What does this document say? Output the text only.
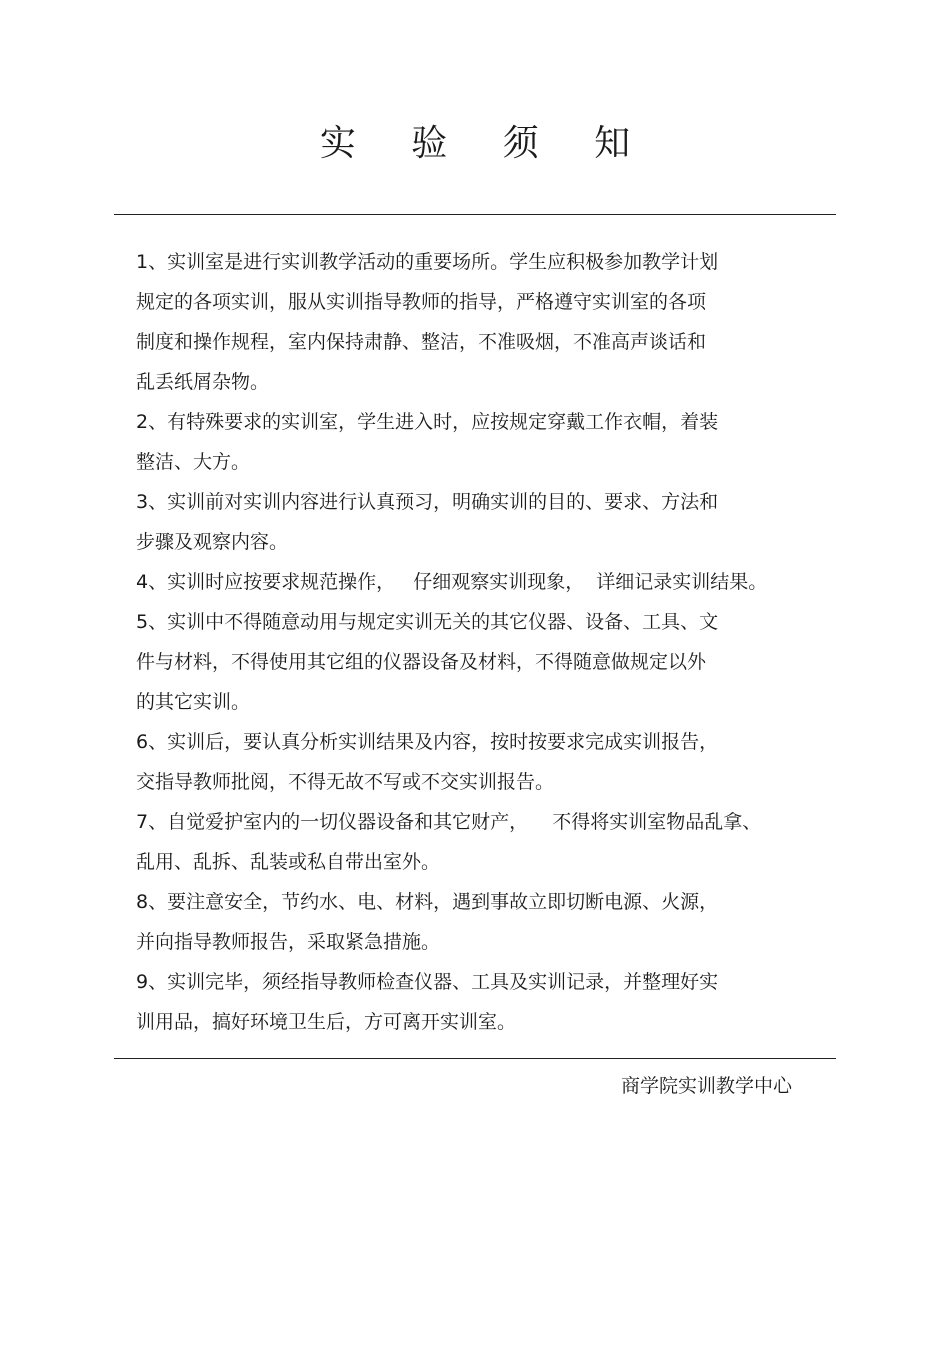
实 验 须 知
1、实训室是进行实训教学活动的重要场所。学生应积极参加教学计划
规定的各项实训，服从实训指导教师的指导，严格遵守实训室的各项
制度和操作规程，室内保持肃静、整洁，不准吸烟，不准高声谈话和
乱丢纸屑杂物。
2、有特殊要求的实训室，学生进入时，应按规定穿戴工作衣帽，着装
整洁、大方。
3、实训前对实训内容进行认真预习，明确实训的目的、要求、方法和
步骤及观察内容。
4、实训时应按要求规范操作，   仔细观察实训现象，  详细记录实训结果。
5、实训中不得随意动用与规定实训无关的其它仪器、设备、工具、文
件与材料，不得使用其它组的仪器设备及材料，不得随意做规定以外
的其它实训。
6、实训后，要认真分析实训结果及内容，按时按要求完成实训报告，
交指导教师批阅，不得无故不写或不交实训报告。
7、自觉爱护室内的一切仪器设备和其它财产，    不得将实训室物品乱拿、
乱用、乱拆、乱装或私自带出室外。
8、要注意安全，节约水、电、材料，遇到事故立即切断电源、火源，
并向指导教师报告，采取紧急措施。
9、实训完毕，须经指导教师检查仪器、工具及实训记录，并整理好实
训用品，搞好环境卫生后，方可离开实训室。
商学院实训教学中心
